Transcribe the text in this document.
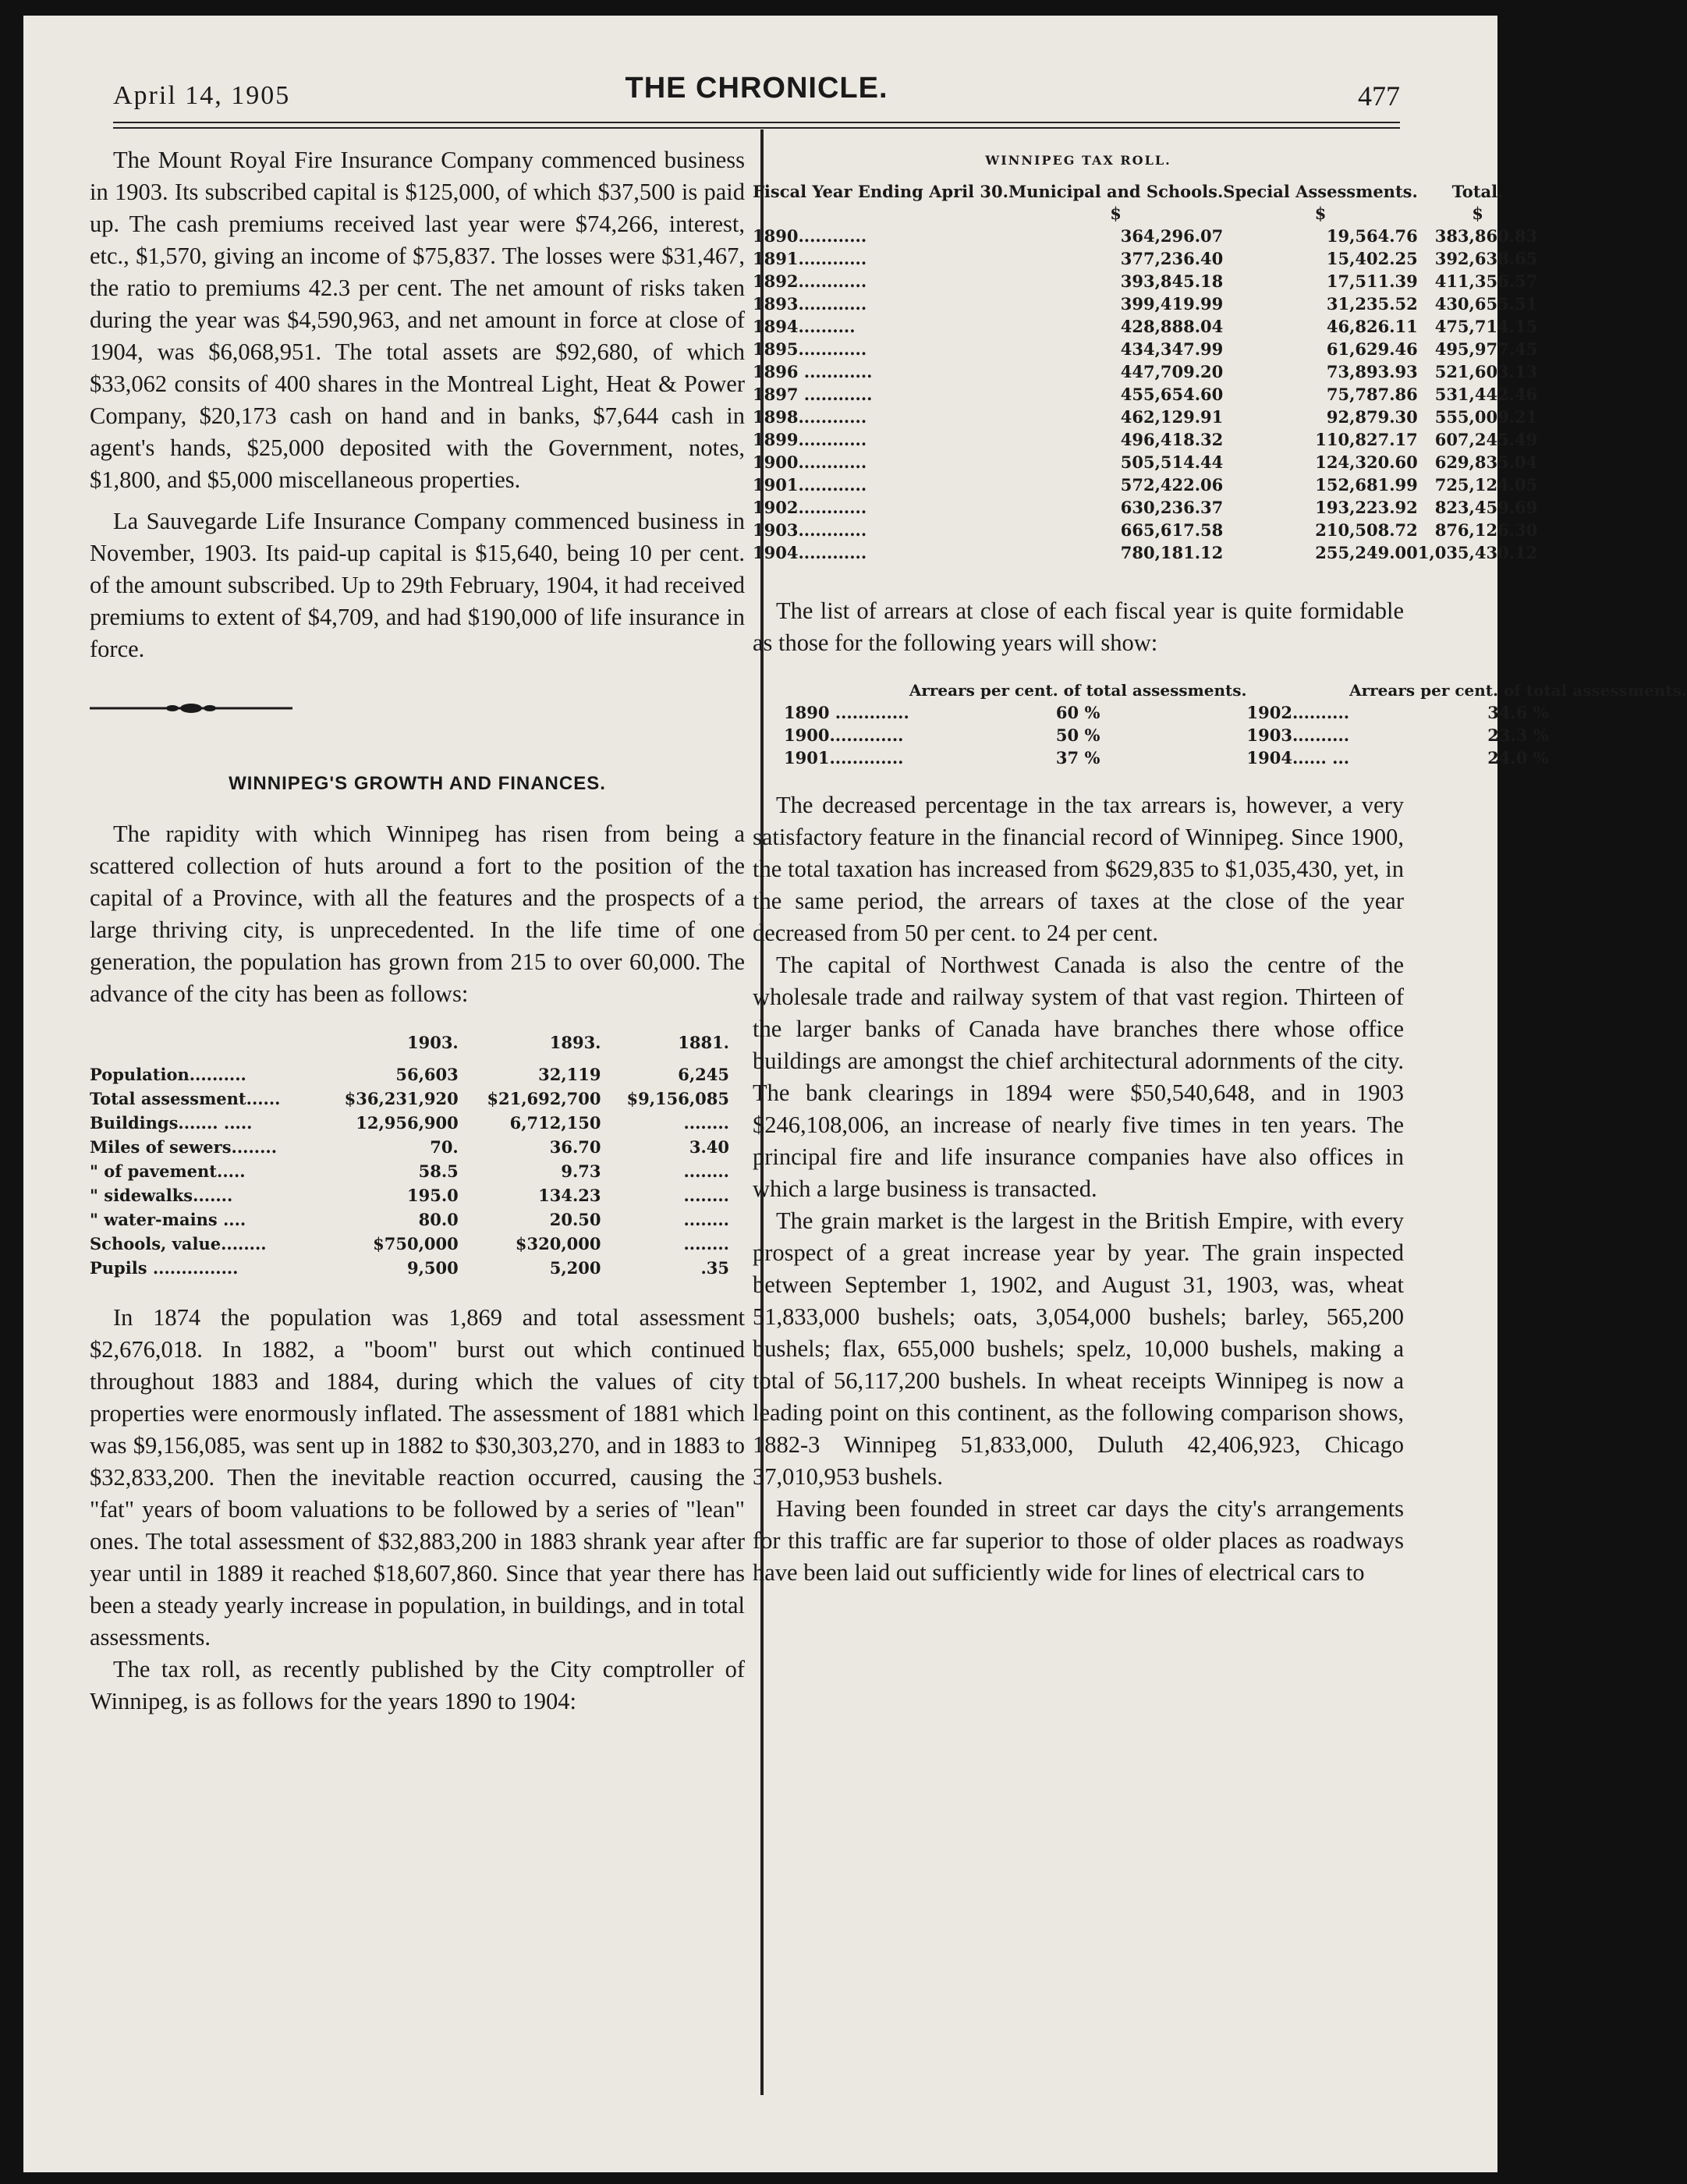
April 14, 1905	THE CHRONICLE.	477

The Mount Royal Fire Insurance Company commenced business in 1903. Its subscribed capital is $125,000, of which $37,500 is paid up. The cash premiums received last year were $74,266, interest, etc., $1,570, giving an income of $75,837. The losses were $31,467, the ratio to premiums 42.3 per cent. The net amount of risks taken during the year was $4,590,963, and net amount in force at close of 1904, was $6,068,951. The total assets are $92,680, of which $33,062 consits of 400 shares in the Montreal Light, Heat & Power Company, $20,173 cash on hand and in banks, $7,644 cash in agent's hands, $25,000 deposited with the Government, notes, $1,800, and $5,000 miscellaneous properties.

La Sauvegarde Life Insurance Company commenced business in November, 1903. Its paid-up capital is $15,640, being 10 per cent. of the amount subscribed. Up to 29th February, 1904, it had received premiums to extent of $4,709, and had $190,000 of life insurance in force.

WINNIPEG'S GROWTH AND FINANCES.

The rapidity with which Winnipeg has risen from being a scattered collection of huts around a fort to the position of the capital of a Province, with all the features and the prospects of a large thriving city, is unprecedented. In the life time of one generation, the population has grown from 215 to over 60,000. The advance of the city has been as follows:

	1903.	1893.	1881.
Population..........	56,603	32,119	6,245
Total assessment......	$36,231,920	$21,692,700	$9,156,085
Buildings....... .....	12,956,900	6,712,150	........
Miles of sewers........	70.	36.70	3.40
" of pavement.....	58.5	9.73	........
" sidewalks.......	195.0	134.23	........
" water-mains ....	80.0	20.50	........
Schools, value........	$750,000	$320,000	........
Pupils ...............	9,500	5,200	.35

In 1874 the population was 1,869 and total assessment $2,676,018. In 1882, a "boom" burst out which continued throughout 1883 and 1884, during which the values of city properties were enormously inflated. The assessment of 1881 which was $9,156,085, was sent up in 1882 to $30,303,270, and in 1883 to $32,833,200. Then the inevitable reaction occurred, causing the "fat" years of boom valuations to be followed by a series of "lean" ones. The total assessment of $32,883,200 in 1883 shrank year after year until in 1889 it reached $18,607,860. Since that year there has been a steady yearly increase in population, in buildings, and in total assessments.

The tax roll, as recently published by the City comptroller of Winnipeg, is as follows for the years 1890 to 1904:

WINNIPEG TAX ROLL.
Fiscal Year Ending April 30.	Municipal and Schools.	Special Assessments.	Total.
	$	$	$
1890............	364,296.07	19,564.76	383,860.83
1891............	377,236.40	15,402.25	392,638.65
1892............	393,845.18	17,511.39	411,356.57
1893............	399,419.99	31,235.52	430,655.51
1894..........	428,888.04	46,826.11	475,714.15
1895............	434,347.99	61,629.46	495,977.45
1896 ............	447,709.20	73,893.93	521,603.13
1897 ............	455,654.60	75,787.86	531,442.46
1898............	462,129.91	92,879.30	555,009.21
1899............	496,418.32	110,827.17	607,245.49
1900............	505,514.44	124,320.60	629,835.04
1901............	572,422.06	152,681.99	725,124.05
1902............	630,236.37	193,223.92	823,459.69
1903............	665,617.58	210,508.72	876,126.30
1904............	780,181.12	255,249.00	1,035,430.12

The list of arrears at close of each fiscal year is quite formidable as those for the following years will show:

	Arrears per cent. of total assessments.		Arrears per cent. of total assessments.
1890 .............	60 %	1902..........	34.6 %
1900.............	50 %	1903..........	23.3 %
1901.............	37 %	1904...... ...	24.0 %

The decreased percentage in the tax arrears is, however, a very satisfactory feature in the financial record of Winnipeg. Since 1900, the total taxation has increased from $629,835 to $1,035,430, yet, in the same period, the arrears of taxes at the close of the year decreased from 50 per cent. to 24 per cent.

The capital of Northwest Canada is also the centre of the wholesale trade and railway system of that vast region. Thirteen of the larger banks of Canada have branches there whose office buildings are amongst the chief architectural adornments of the city. The bank clearings in 1894 were $50,540,648, and in 1903 $246,108,006, an increase of nearly five times in ten years. The principal fire and life insurance companies have also offices in which a large business is transacted.

The grain market is the largest in the British Empire, with every prospect of a great increase year by year. The grain inspected between September 1, 1902, and August 31, 1903, was, wheat 51,833,000 bushels; oats, 3,054,000 bushels; barley, 565,200 bushels; flax, 655,000 bushels; spelz, 10,000 bushels, making a total of 56,117,200 bushels. In wheat receipts Winnipeg is now a leading point on this continent, as the following comparison shows, 1882-3 Winnipeg 51,833,000, Duluth 42,406,923, Chicago 37,010,953 bushels.

Having been founded in street car days the city's arrangements for this traffic are far superior to those of older places as roadways have been laid out sufficiently wide for lines of electrical cars to
